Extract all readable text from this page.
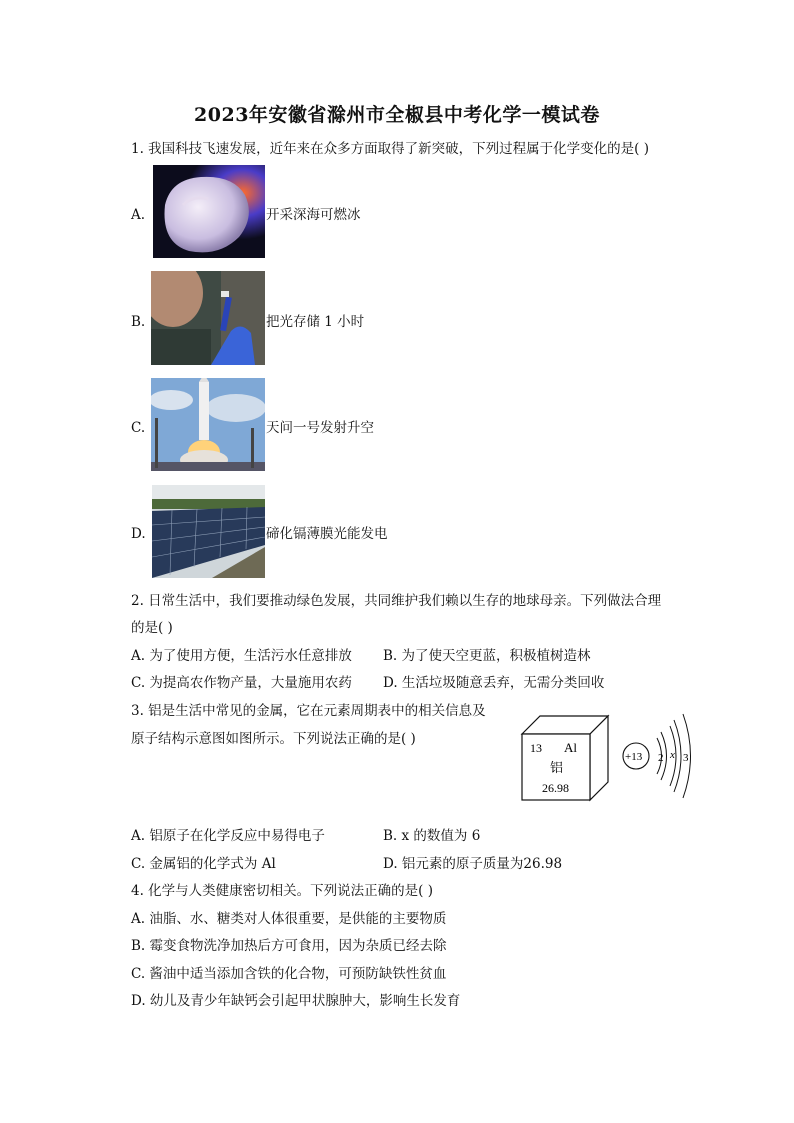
2023年安徽省滁州市全椒县中考化学一模试卷
1. 我国科技飞速发展，近年来在众多方面取得了新突破，下列过程属于化学变化的是( )
A.	开采深海可燃冰
B.	把光存储 1 小时
C.	天问一号发射升空
D.	碲化镉薄膜光能发电
2. 日常生活中，我们要推动绿色发展，共同维护我们赖以生存的地球母亲。下列做法合理
的是( )
A. 为了使用方便，生活污水任意排放 B. 为了使天空更蓝，积极植树造林
C. 为提高农作物产量，大量施用农药 D. 生活垃圾随意丢弃，无需分类回收
3. 铝是生活中常见的金属，它在元素周期表中的相关信息及
原子结构示意图如图所示。下列说法正确的是( )
13 Al
铝
26.98
+13 2 x 3
A. 铝原子在化学反应中易得电子	B. x 的数值为 6
C. 金属铝的化学式为 Al	D. 铝元素的原子质量为26.98
4. 化学与人类健康密切相关。下列说法正确的是( )
A. 油脂、水、糖类对人体很重要，是供能的主要物质
B. 霉变食物洗净加热后方可食用，因为杂质已经去除
C. 酱油中适当添加含铁的化合物，可预防缺铁性贫血
D. 幼儿及青少年缺钙会引起甲状腺肿大，影响生长发育
